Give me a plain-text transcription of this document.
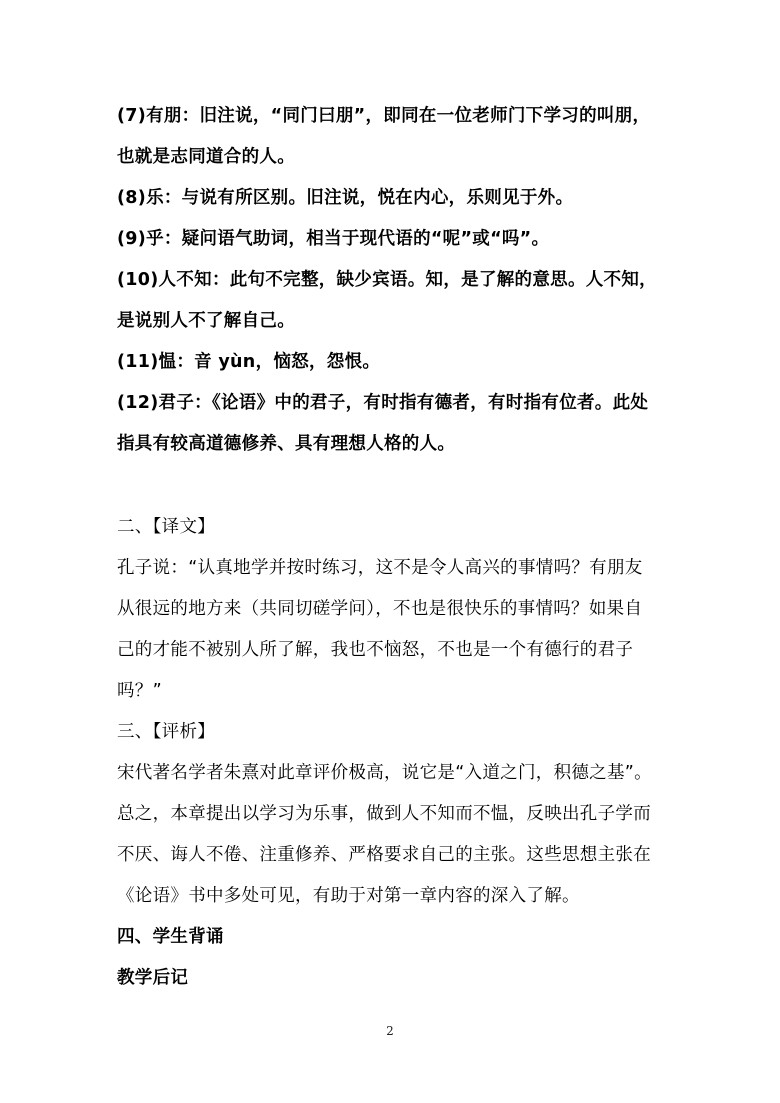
(7)有朋：旧注说，“同门曰朋”，即同在一位老师门下学习的叫朋，
也就是志同道合的人。
(8)乐：与说有所区别。旧注说，悦在内心，乐则见于外。
(9)乎：疑问语气助词，相当于现代语的“呢”或“吗”。
(10)人不知：此句不完整，缺少宾语。知，是了解的意思。人不知，
是说别人不了解自己。
(11)愠：音 yùn，恼怒，怨恨。
(12)君子：《论语》中的君子，有时指有德者，有时指有位者。此处
指具有较高道德修养、具有理想人格的人。
二、【译文】
孔子说：“认真地学并按时练习，这不是令人高兴的事情吗？有朋友
从很远的地方来（共同切磋学问），不也是很快乐的事情吗？如果自
己的才能不被别人所了解，我也不恼怒，不也是一个有德行的君子
吗？”
三、【评析】
宋代著名学者朱熹对此章评价极高，说它是“入道之门，积德之基”。
总之，本章提出以学习为乐事，做到人不知而不愠，反映出孔子学而
不厌、诲人不倦、注重修养、严格要求自己的主张。这些思想主张在
《论语》书中多处可见，有助于对第一章内容的深入了解。
四、学生背诵
教学后记
2
